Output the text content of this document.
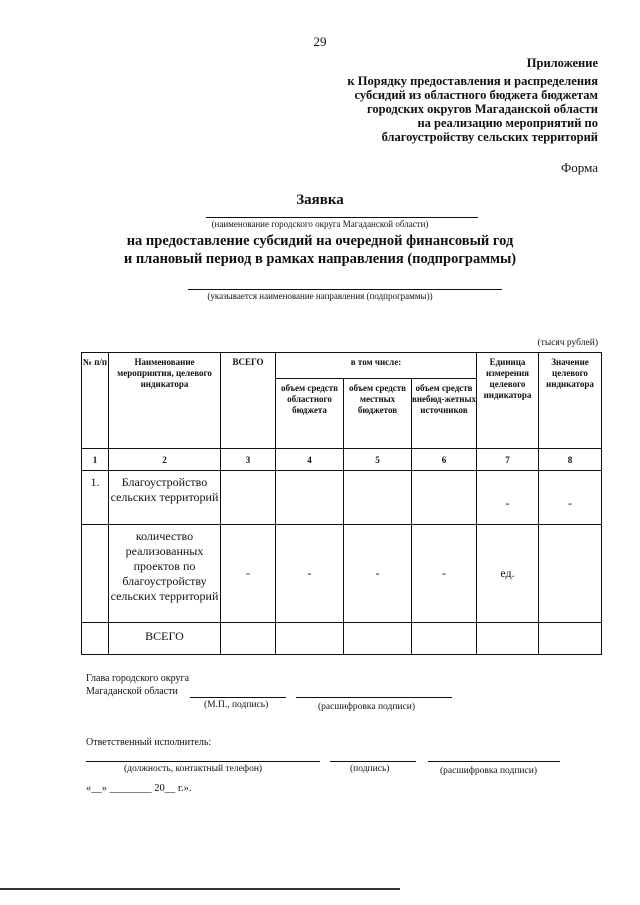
29
Приложение
к Порядку предоставления и распределения
субсидий из областного бюджета бюджетам
городских округов Магаданской области
на реализацию мероприятий по
благоустройству сельских территорий
Форма
Заявка
(наименование городского округа Магаданской области)
на предоставление субсидий на очередной финансовый год
и плановый период в рамках направления (подпрограммы)
(указывается наименование направления (подпрограммы))
(тысяч рублей)
№ п/п	Наименование мероприятия, целевого индикатора	ВСЕГО	в том числе:			Единица измерения целевого индикатора	Значение целевого индикатора
			объем средств областного бюджета	объем средств местных бюджетов	объем средств внебюд-жетных источников		
1	2	3	4	5	6	7	8
1.	Благоустройство сельских территорий					-	-
	количество реализованных проектов по благоустройству сельских территорий	-	-	-	-	ед.	
	ВСЕГО						
Глава городского округа
Магаданской области
(М.П., подпись)	(расшифровка подписи)
Ответственный исполнитель:
(должность, контактный телефон)	(подпись)	(расшифровка подписи)
«__» ________ 20__ г.».
